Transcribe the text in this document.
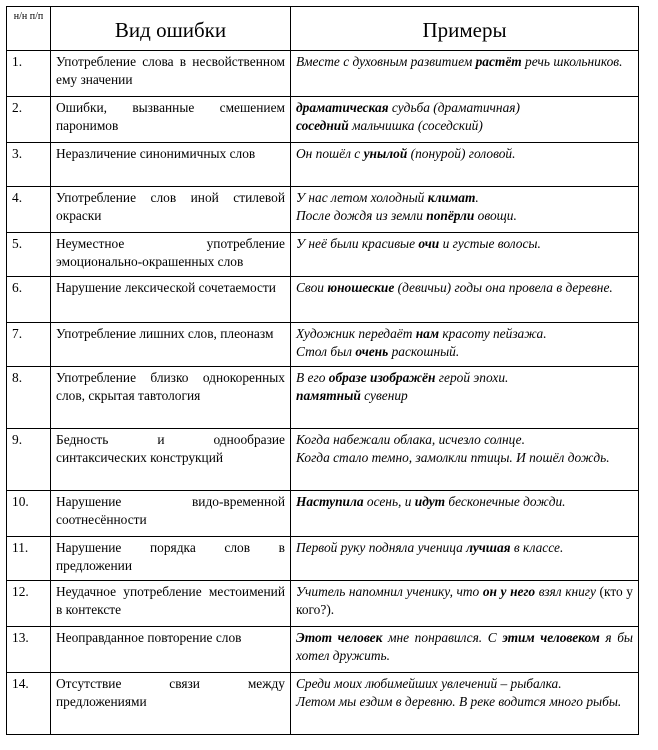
н/н п/п	Вид ошибки	Примеры
1.	Употребление слова в несвойственном ему значении	Вместе с духовным развитием растёт речь школьников.
2.	Ошибки, вызванные смешением паронимов	драматическая судьба (драматичная)
соседний мальчишка (соседский)

3.	Неразличение синонимичных слов	Он пошёл с унылой (понурой) головой.
4.	Употребление слов иной стилевой окраски	У нас летом холодный климат.
После дождя из земли попёрли овощи.

5.	Неуместное употребление эмоционально-окрашенных слов	У неё были красивые очи и густые волосы.
6.	Нарушение лексической сочетаемости	Свои юношеские (девичьи) годы она провела в деревне.
7.	Употребление лишних слов, плеоназм	Художник передаёт нам красоту пейзажа.
Стол был очень раскошный.

8.	Употребление близко однокоренных слов, скрытая тавтология	В его образе изображён герой эпохи.
памятный сувенир

9.	Бедность и однообразие синтаксических конструкций	Когда набежали облака, исчезло солнце.
Когда стало темно, замолкли птицы. И пошёл дождь.

10.	Нарушение видо-временной соотнесённости	Наступила осень, и идут бесконечные дожди.
11.	Нарушение порядка слов в предложении	Первой руку подняла ученица лучшая в классе.
12.	Неудачное употребление местоимений в контексте	Учитель напомнил ученику, что он у него взял книгу (кто у кого?).
13.	Неоправданное повторение слов	Этот человек мне понравился. С этим человеком я бы хотел дружить.
14.	Отсутствие связи между предложениями	Среди моих любимейших увлечений – рыбалка.
Летом мы ездим в деревню. В реке водится много рыбы.
